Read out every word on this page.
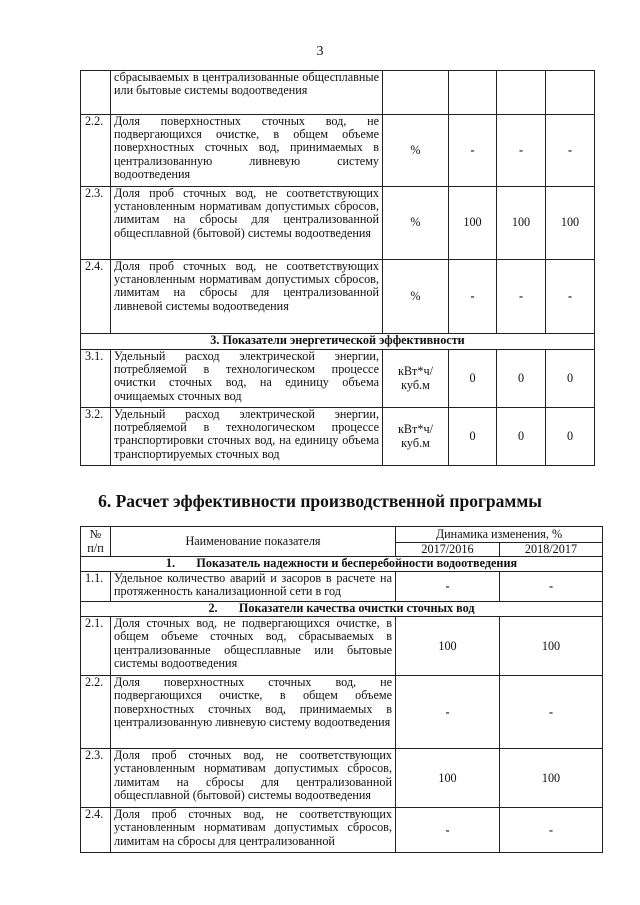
3
	сбрасываемых в централизованные общесплавные или бытовые системы водоотведения				
2.2.	Доля поверхностных сточных вод, не подвергающихся очистке, в общем объеме поверхностных сточных вод, принимаемых в централизованную ливневую систему водоотведения	%	-	-	-
2.3.	Доля проб сточных вод, не соответствующих установленным нормативам допустимых сбросов, лимитам на сбросы для централизованной общесплавной (бытовой) системы водоотведения	%	100	100	100
2.4.	Доля проб сточных вод, не соответствующих установленным нормативам допустимых сбросов, лимитам на сбросы для централизованной ливневой системы водоотведения	%	-	-	-
3. Показатели энергетической эффективности					
3.1.	Удельный расход электрической энергии, потребляемой в технологическом процессе очистки сточных вод, на единицу объема очищаемых сточных вод	кВт*ч/ куб.м	0	0	0
3.2.	Удельный расход электрической энергии, потребляемой в технологическом процессе транспортировки сточных вод, на единицу объема транспортируемых сточных вод	кВт*ч/ куб.м	0	0	0
6. Расчет эффективности производственной программы
№ п/п	Наименование показателя	Динамика изменения, %	
		2017/2016	2018/2017
1.       Показатель надежности и бесперебойности водоотведения			
1.1.	Удельное количество аварий и засоров в расчете на протяженность канализационной сети в год	-	-
2.       Показатели качества очистки сточных вод			
2.1.	Доля сточных вод, не подвергающихся очистке, в общем объеме сточных вод, сбрасываемых в централизованные общесплавные или бытовые системы водоотведения	100	100
2.2.	Доля поверхностных сточных вод, не подвергающихся очистке, в общем объеме поверхностных сточных вод, принимаемых в централизованную ливневую систему водоотведения	-	-
2.3.	Доля проб сточных вод, не соответствующих установленным нормативам допустимых сбросов, лимитам на сбросы для централизованной общесплавной (бытовой) системы водоотведения	100	100
2.4.	Доля проб сточных вод, не соответствующих установленным нормативам допустимых сбросов, лимитам на сбросы для централизованной	-	-
